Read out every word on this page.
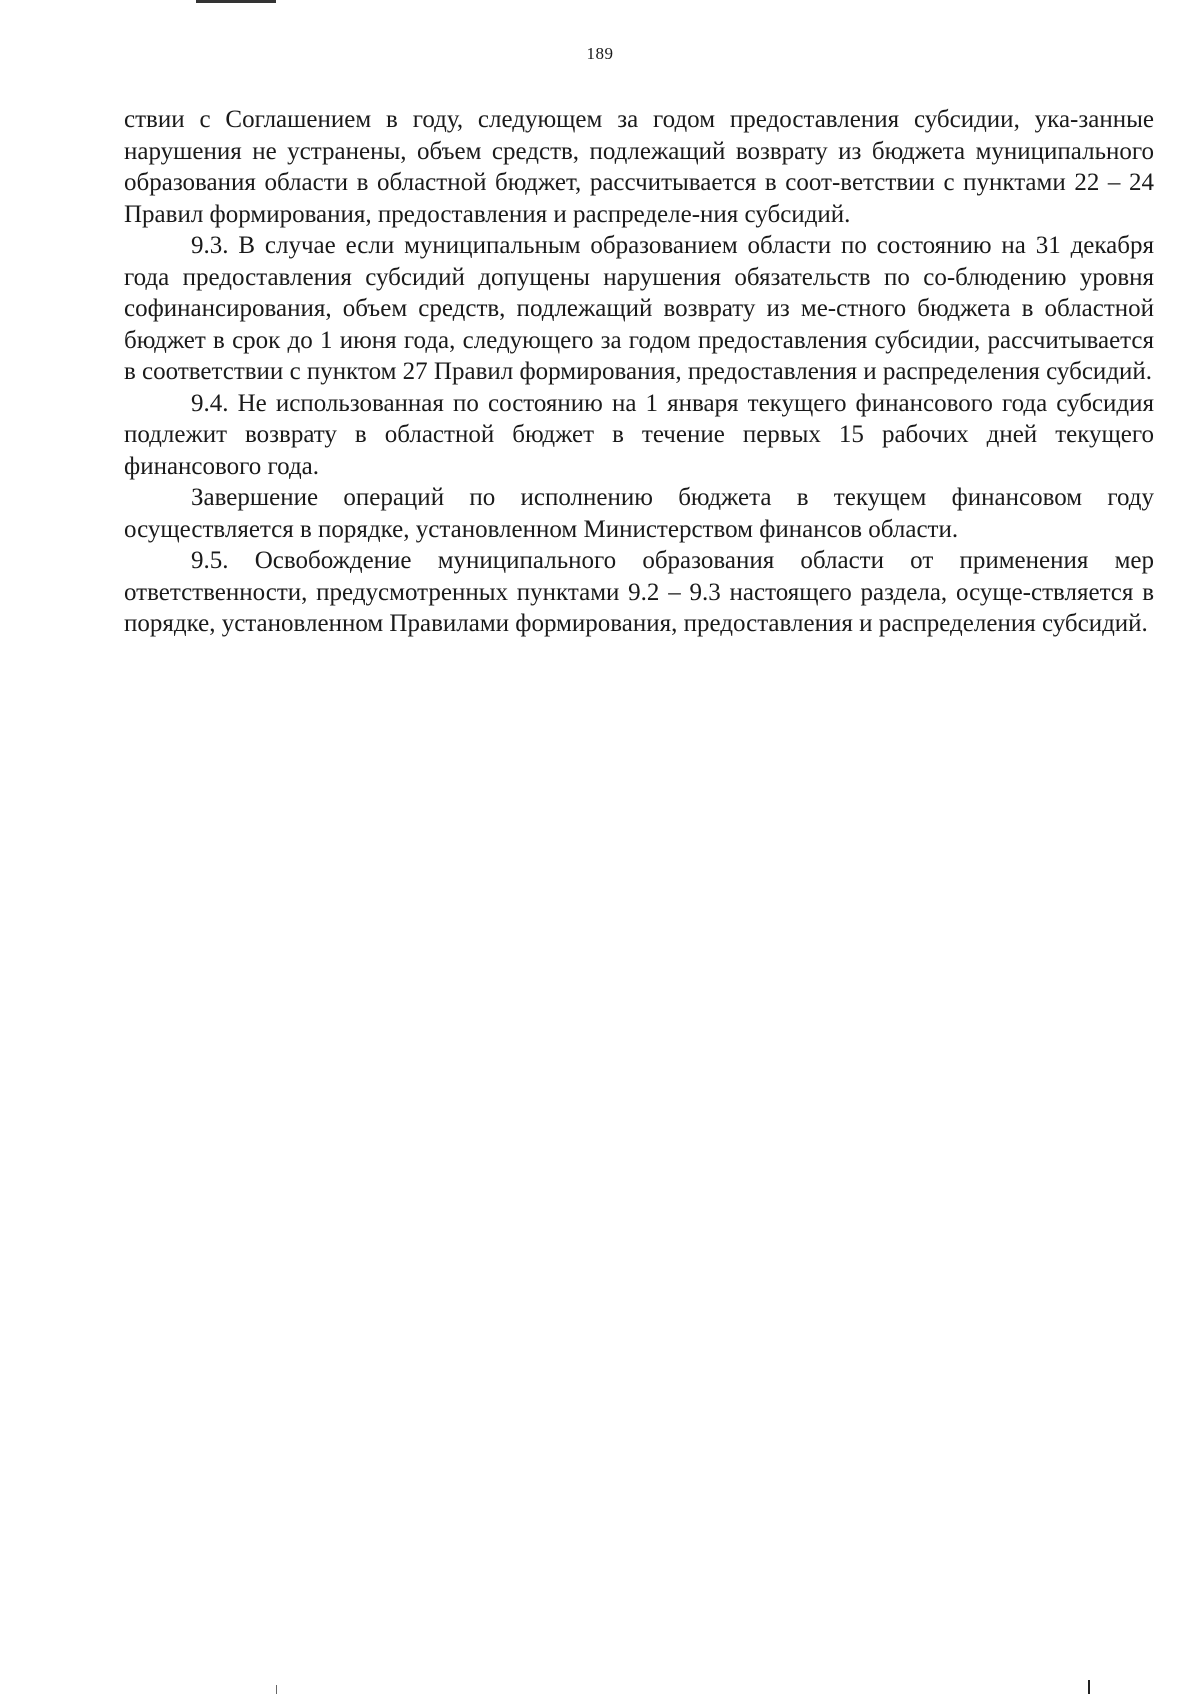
189

ствии с Соглашением в году, следующем за годом предоставления субсидии, ука-занные нарушения не устранены, объем средств, подлежащий возврату из бюджета муниципального образования области в областной бюджет, рассчитывается в соот-ветствии с пунктами 22 – 24 Правил формирования, предоставления и распределе-ния субсидий.

9.3. В случае если муниципальным образованием области по состоянию на 31 декабря года предоставления субсидий допущены нарушения обязательств по со-блюдению уровня софинансирования, объем средств, подлежащий возврату из ме-стного бюджета в областной бюджет в срок до 1 июня года, следующего за годом предоставления субсидии, рассчитывается в соответствии с пунктом 27 Правил формирования, предоставления и распределения субсидий.

9.4. Не использованная по состоянию на 1 января текущего финансового года субсидия подлежит возврату в областной бюджет в течение первых 15 рабочих дней текущего финансового года.

Завершение операций по исполнению бюджета в текущем финансовом году осуществляется в порядке, установленном Министерством финансов области.

9.5. Освобождение муниципального образования области от применения мер ответственности, предусмотренных пунктами 9.2 – 9.3 настоящего раздела, осуще-ствляется в порядке, установленном Правилами формирования, предоставления и распределения субсидий.
